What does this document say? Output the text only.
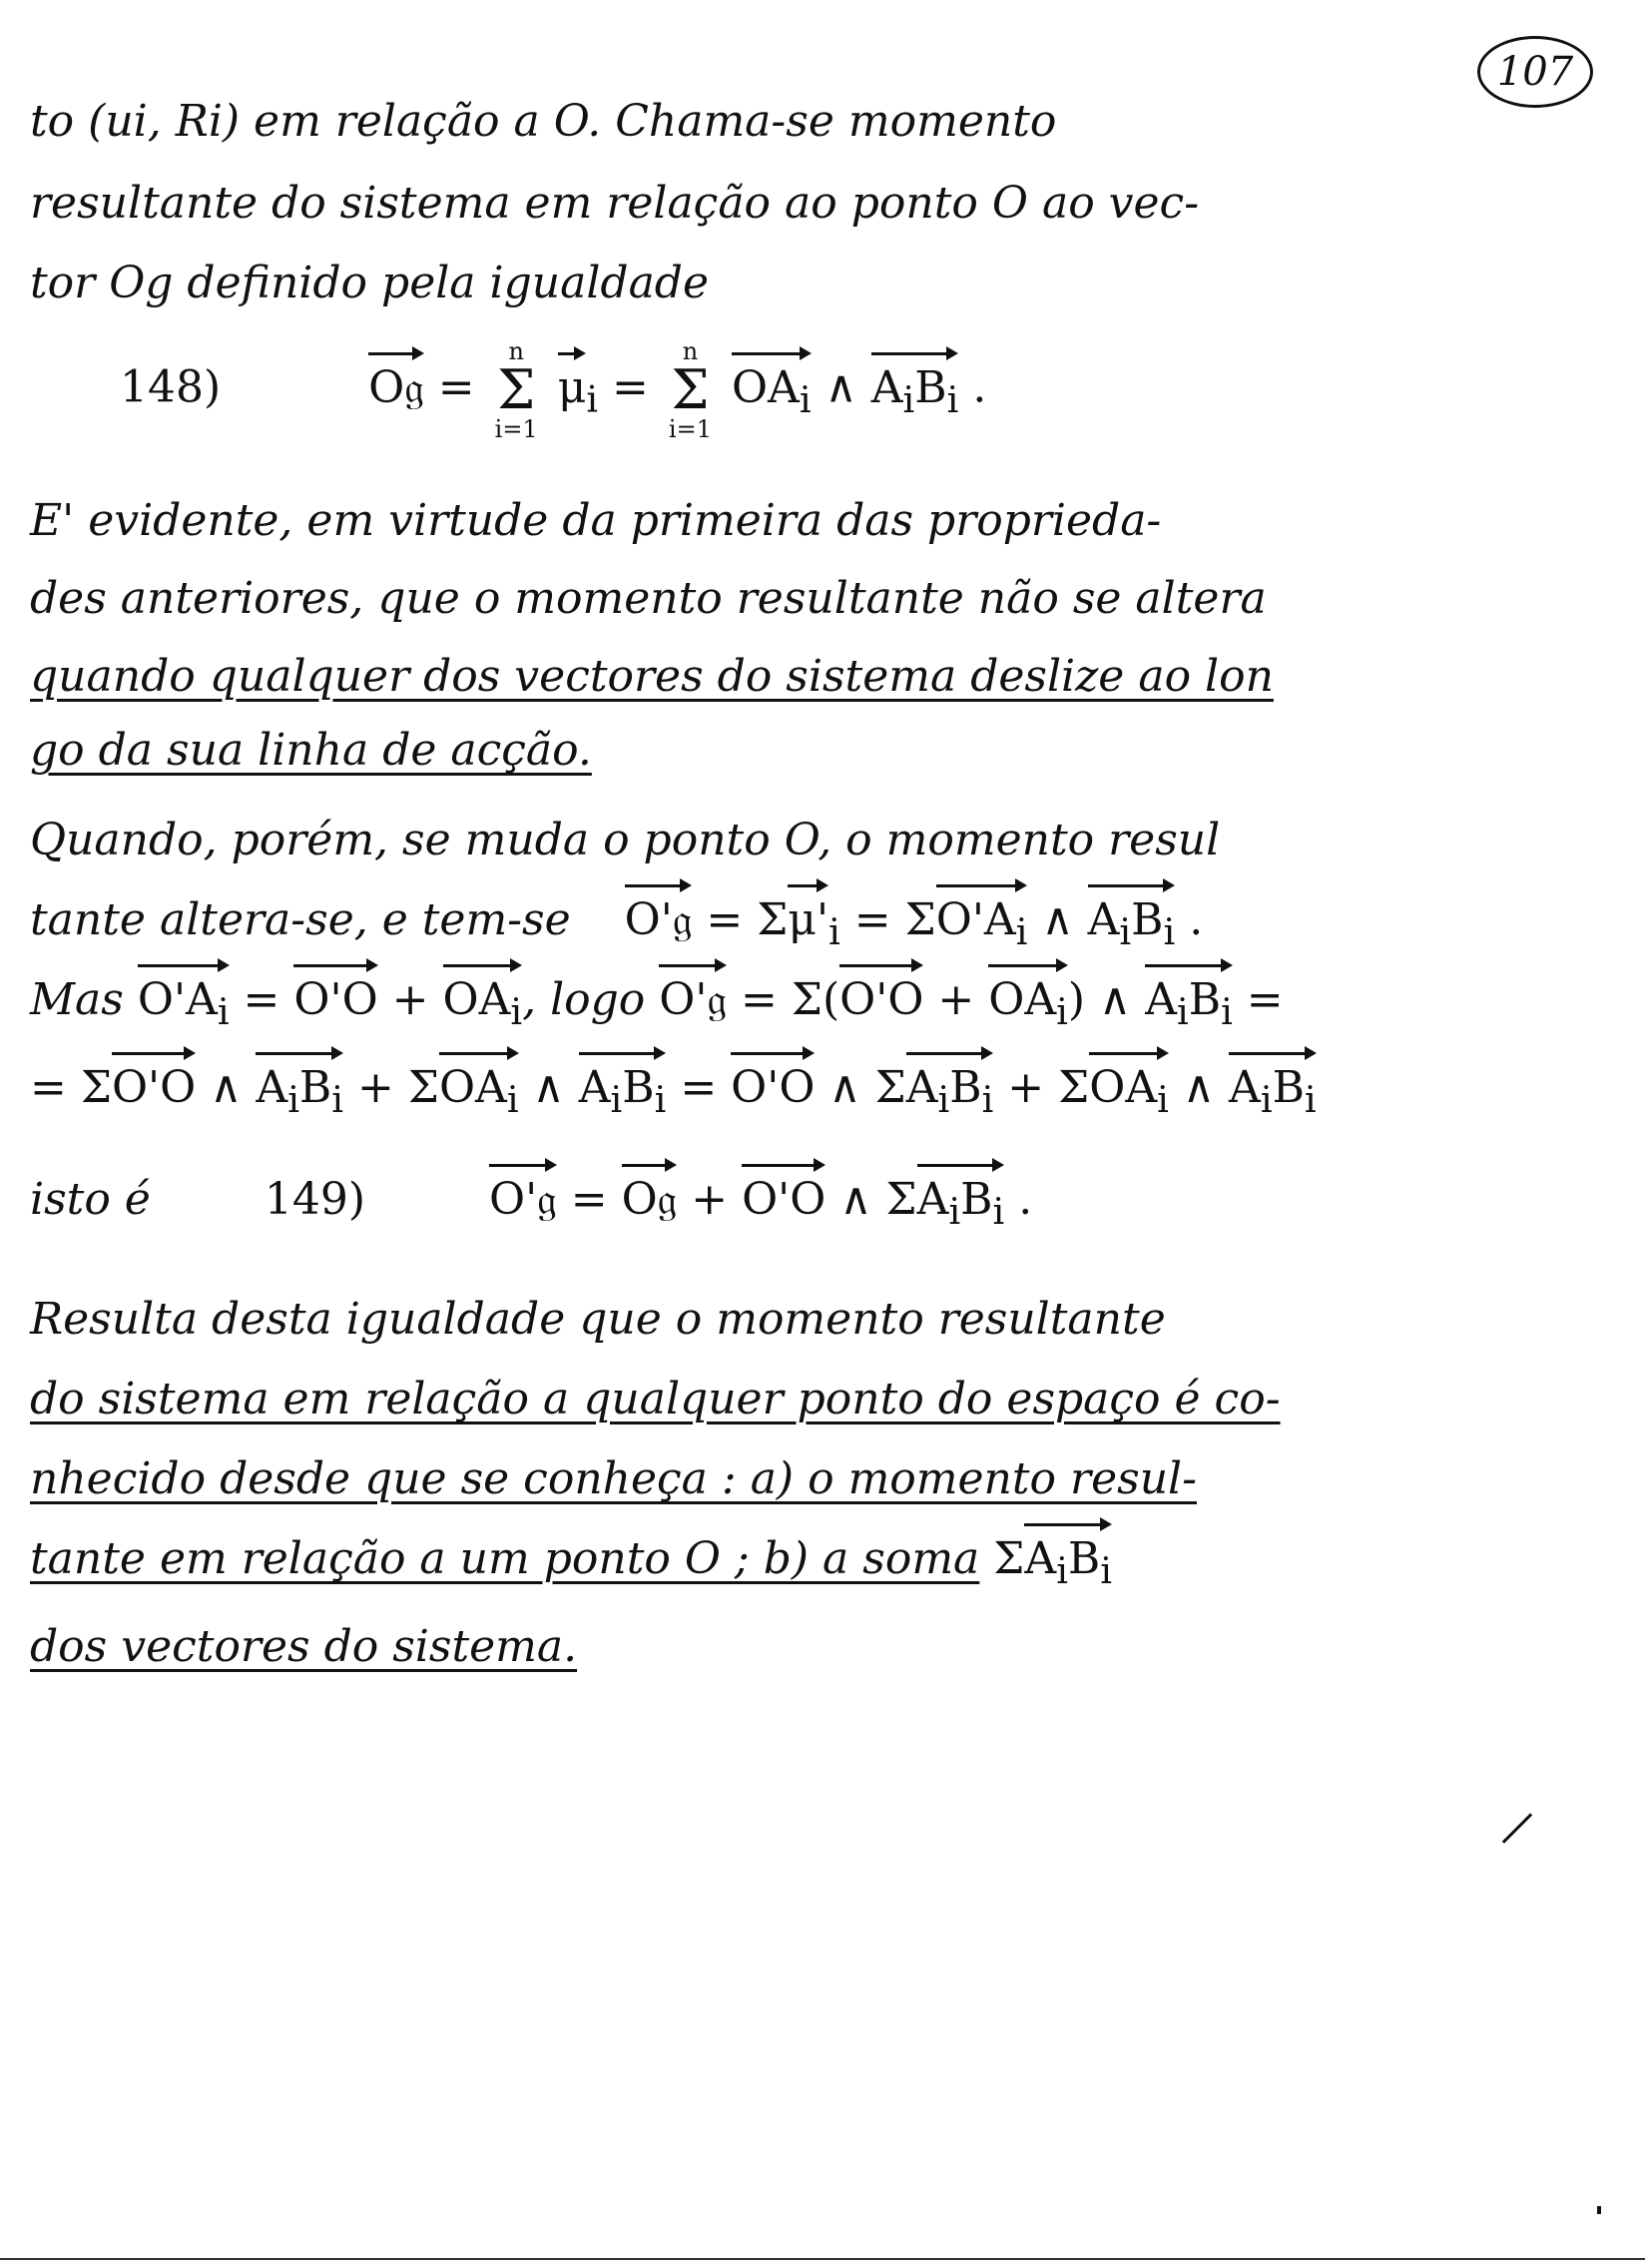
107
to (ui, Ri) em relação a O. Chama-se momento
resultante do sistema em relação ao ponto O ao vec-
tor Og definido pela igualdade
148)	O𝔤 =
n
Σ
i=1
$\mu_i$ =
n
Σ
i=1
$OA_i$ ∧ $A_iB_i$ .
E' evidente, em virtude da primeira das proprieda-
des anteriores, que o momento resultante não se altera
quando qualquer dos vectores do sistema deslize ao lon
go da sua linha de acção.
Quando, porém, se muda o ponto O, o momento resul
tante altera-se, e tem-se O'𝔤 = $\Sigma\mu'_i = \Sigma O'A_i$ ∧ $A_iB_i$ .
Mas $O'A_i = O'O + OA_i$, logo O'𝔤 = $\Sigma(O'O + OA_i)$ ∧ $A_iB_i$ =
= ΣO'O ∧ $A_iB_i + \Sigma OA_i$ ∧ $A_iB_i = O'O$ ∧ $\Sigma A_iB_i + \Sigma OA_i$ ∧ $A_iB_i$
isto é	149)	O'𝔤 = O𝔤 + O'O ∧ $\Sigma A_iB_i$ .
Resulta desta igualdade que o momento resultante
do sistema em relação a qualquer ponto do espaço é co-
nhecido desde que se conheça : a) o momento resul-
tante em relação a um ponto O ; b) a soma $\Sigma A_iB_i$
dos vectores do sistema.
